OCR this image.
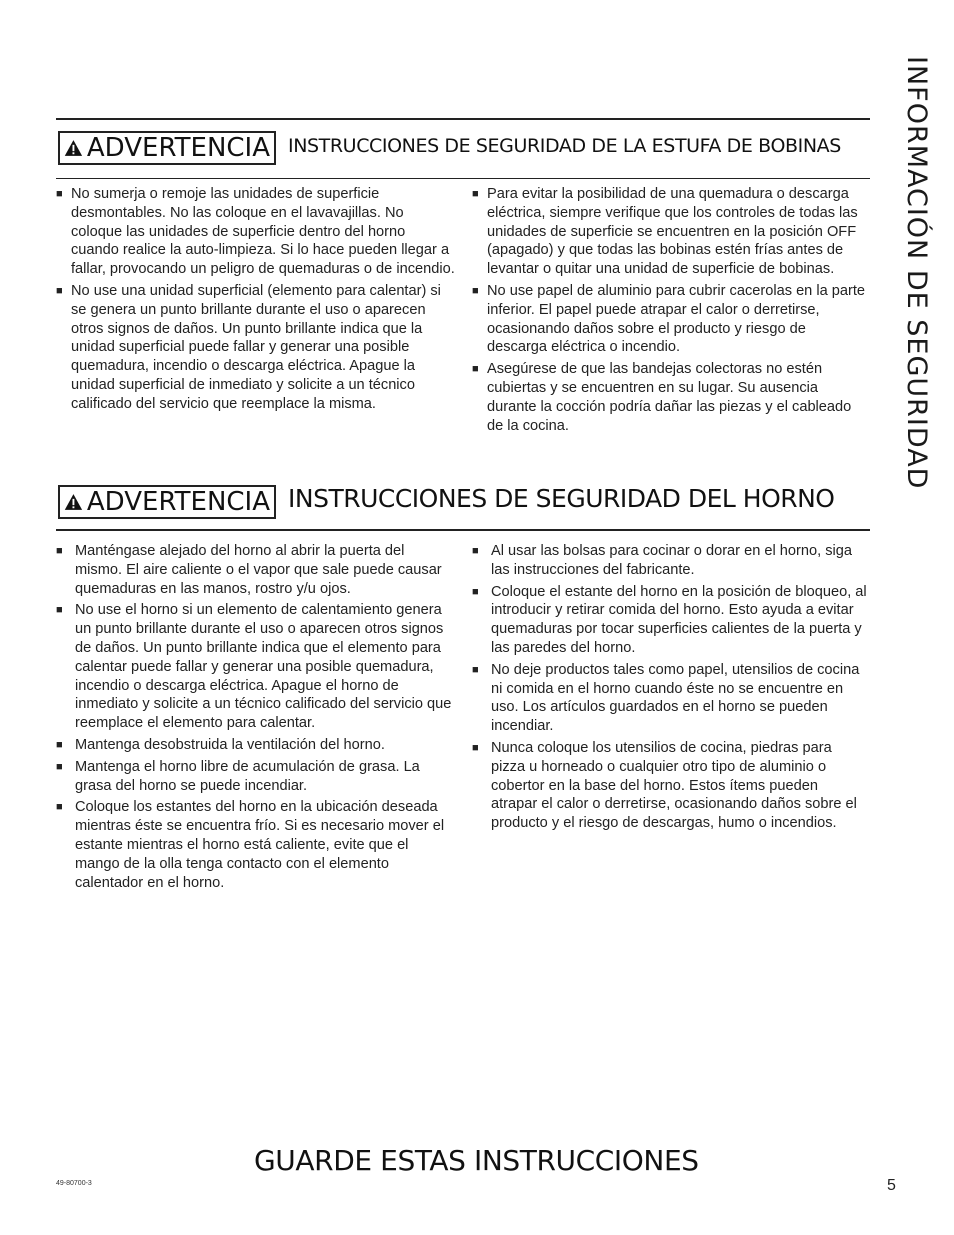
INFORMACIÓN DE SEGURIDAD
ADVERTENCIA INSTRUCCIONES DE SEGURIDAD DE LA ESTUFA DE BOBINAS
■ No sumerja o remoje las unidades de superficie desmontables. No las coloque en el lavavajillas. No coloque las unidades de superficie dentro del horno cuando realice la auto-limpieza. Si lo hace pueden llegar a fallar, provocando un peligro de quemaduras o de incendio.
■ No use una unidad superficial (elemento para calentar) si se genera un punto brillante durante el uso o aparecen otros signos de daños. Un punto brillante indica que la unidad superficial puede fallar y generar una posible quemadura, incendio o descarga eléctrica. Apague la unidad superficial de inmediato y solicite a un técnico calificado del servicio que reemplace la misma.
■ Para evitar la posibilidad de una quemadura o descarga eléctrica, siempre verifique que los controles de todas las unidades de superficie se encuentren en la posición OFF (apagado) y que todas las bobinas estén frías antes de levantar o quitar una unidad de superficie de bobinas.
■ No use papel de aluminio para cubrir cacerolas en la parte inferior. El papel puede atrapar el calor o derretirse, ocasionando daños sobre el producto y riesgo de descarga eléctrica o incendio.
■ Asegúrese de que las bandejas colectoras no estén cubiertas y se encuentren en su lugar. Su ausencia durante la cocción podría dañar las piezas y el cableado de la cocina.
ADVERTENCIA INSTRUCCIONES DE SEGURIDAD DEL HORNO
■ Manténgase alejado del horno al abrir la puerta del mismo. El aire caliente o el vapor que sale puede causar quemaduras en las manos, rostro y/u ojos.
■ No use el horno si un elemento de calentamiento genera un punto brillante durante el uso o aparecen otros signos de daños. Un punto brillante indica que el elemento para calentar puede fallar y generar una posible quemadura, incendio o descarga eléctrica. Apague el horno de inmediato y solicite a un técnico calificado del servicio que reemplace el elemento para calentar.
■ Mantenga desobstruida la ventilación del horno.
■ Mantenga el horno libre de acumulación de grasa. La grasa del horno se puede incendiar.
■ Coloque los estantes del horno en la ubicación deseada mientras éste se encuentra frío. Si es necesario mover el estante mientras el horno está caliente, evite que el mango de la olla tenga contacto con el elemento calentador en el horno.
■ Al usar las bolsas para cocinar o dorar en el horno, siga las instrucciones del fabricante.
■ Coloque el estante del horno en la posición de bloqueo, al introducir y retirar comida del horno. Esto ayuda a evitar quemaduras por tocar superficies calientes de la puerta y las paredes del horno.
■ No deje productos tales como papel, utensilios de cocina ni comida en el horno cuando éste no se encuentre en uso. Los artículos guardados en el horno se pueden incendiar.
■ Nunca coloque los utensilios de cocina, piedras para pizza u horneado o cualquier otro tipo de aluminio o cobertor en la base del horno. Estos ítems pueden atrapar el calor o derretirse, ocasionando daños sobre el producto y el riesgo de descargas, humo o incendios.
GUARDE ESTAS INSTRUCCIONES
49-80700-3	5
